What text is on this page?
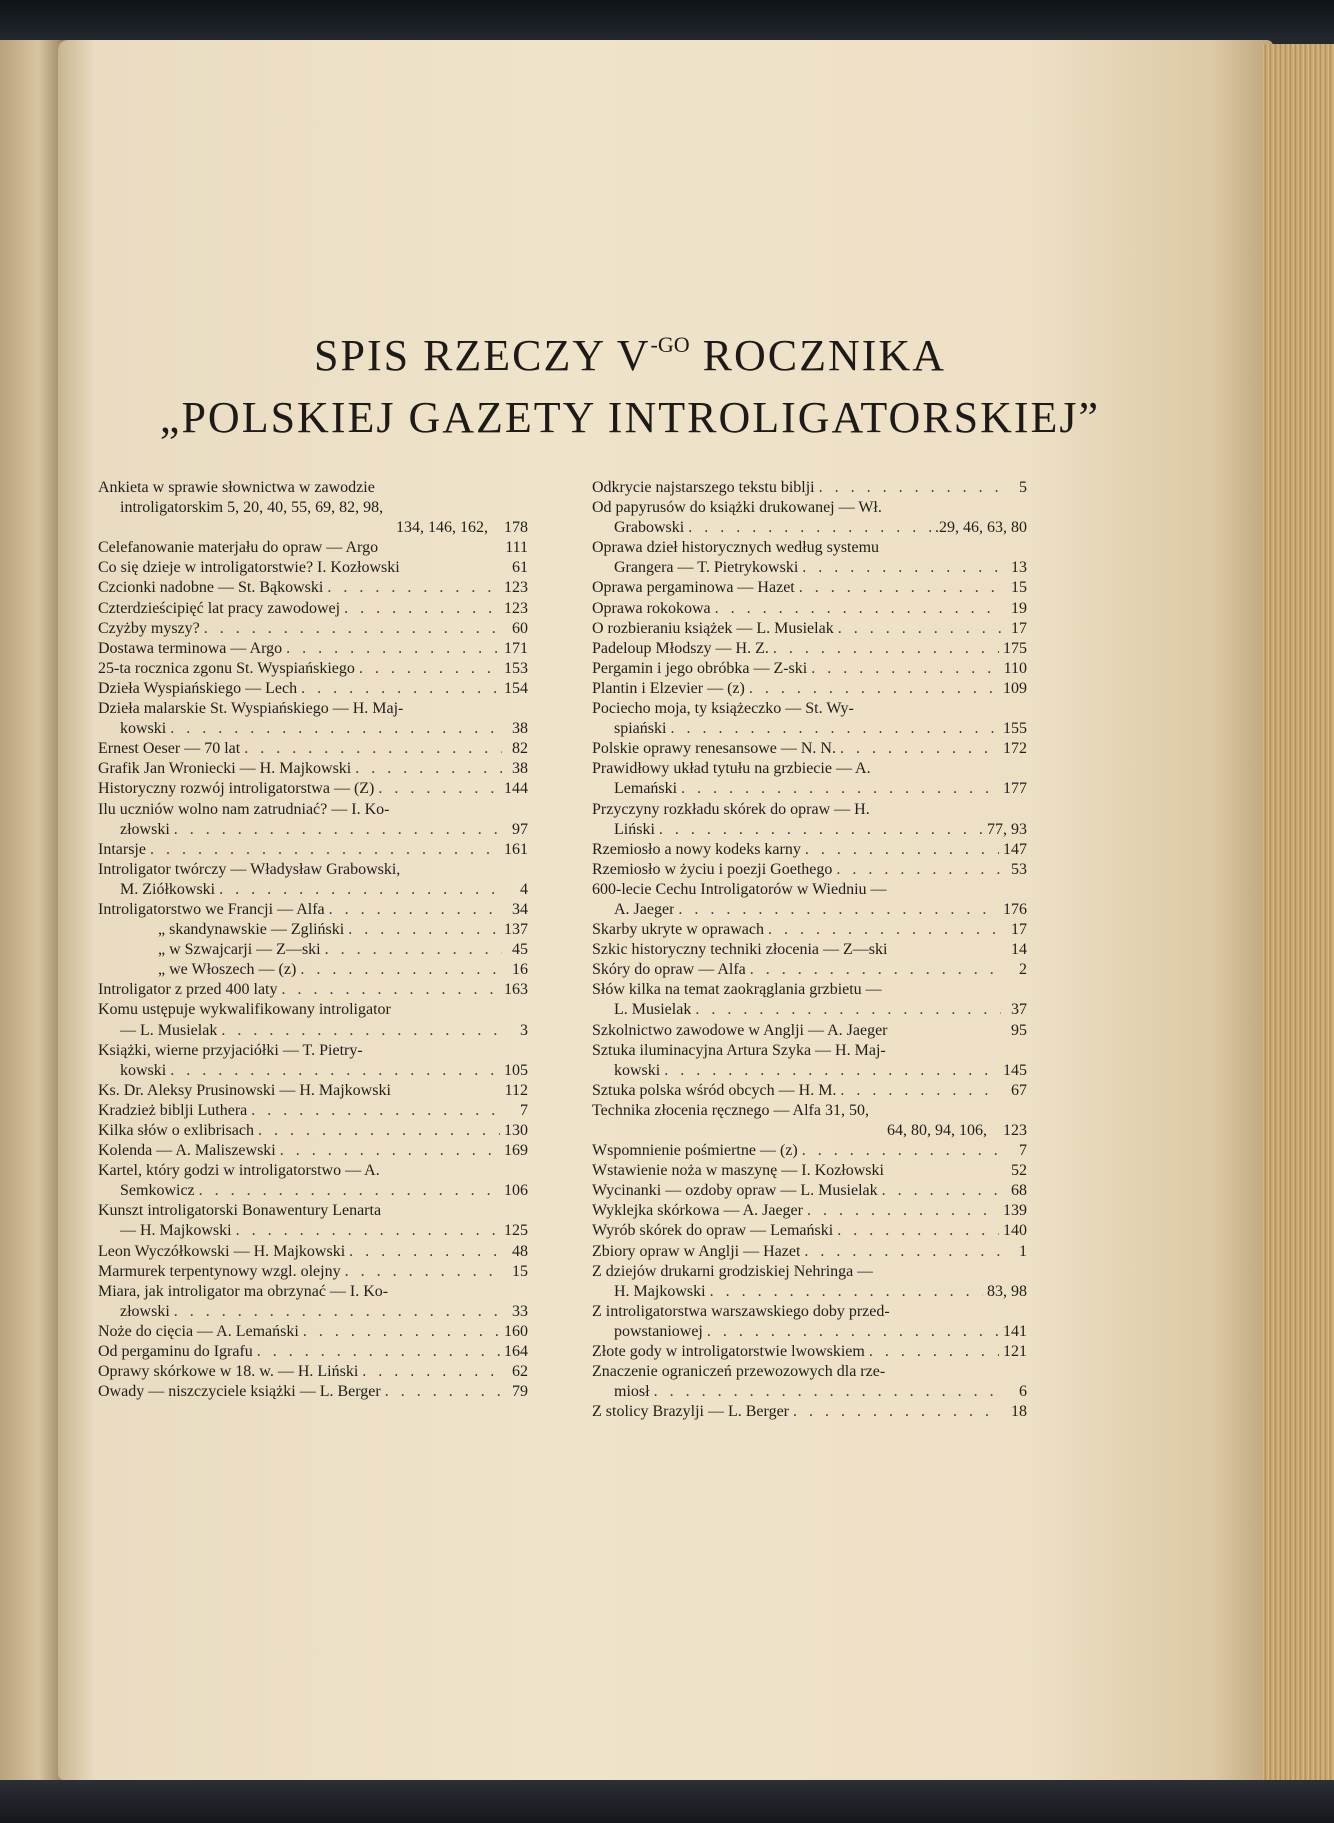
SPIS RZECZY $V^{-GO}$ ROCZNIKA
„POLSKIEJ GAZETY INTROLIGATORSKIEJ”
Ankieta w sprawie słownictwa w zawodzie
introligatorskim 5, 20, 40, 55, 69, 82, 98,
134, 146, 162, 178
Celefanowanie materjału do opraw — Argo	111
Co się dzieje w introligatorstwie? I. Kozłowski	61
Czcionki nadobne — St. Bąkowski . . .	123
Czterdzieścipięć lat pracy zawodowej . . .	123
Czyżby myszy? . . .	60
Dostawa terminowa — Argo . . .	171
25-ta rocznica zgonu St. Wyspiańskiego . . .	153
Dzieła Wyspiańskiego — Lech . . .	154
Dzieła malarskie St. Wyspiańskiego — H. Maj-
kowski . . .	38
Ernest Oeser — 70 lat . . .	82
Grafik Jan Wroniecki — H. Majkowski . . .	38
Historyczny rozwój introligatorstwa — (Z) . . .	144
Ilu uczniów wolno nam zatrudniać? — I. Ko-
złowski . . .	97
Intarsje . . .	161
Introligator twórczy — Władysław Grabowski,
M. Ziółkowski . . .	4
Introligatorstwo we Francji — Alfa . . .	34
„ skandynawskie — Zgliński . . .	137
„ w Szwajcarji — Z—ski . . .	45
„ we Włoszech — (z) . . .	16
Introligator z przed 400 laty . . .	163
Komu ustępuje wykwalifikowany introligator
— L. Musielak . . .	3
Książki, wierne przyjaciółki — T. Pietry-
kowski . . .	105
Ks. Dr. Aleksy Prusinowski — H. Majkowski	112
Kradzież biblji Luthera . . .	7
Kilka słów o exlibrisach . . .	130
Kolenda — A. Maliszewski . . .	169
Kartel, który godzi w introligatorstwo — A.
Semkowicz . . .	106
Kunszt introligatorski Bonawentury Lenarta
— H. Majkowski . . .	125
Leon Wyczółkowski — H. Majkowski . . .	48
Marmurek terpentynowy wzgl. olejny . . .	15
Miara, jak introligator ma obrzynać — I. Ko-
złowski . . .	33
Noże do cięcia — A. Lemański . . .	160
Od pergaminu do Igrafu . . .	164
Oprawy skórkowe w 18. w. — H. Liński . . .	62
Owady — niszczyciele książki — L. Berger . . .	79
Odkrycie najstarszego tekstu biblji . . .	5
Od papyrusów do książki drukowanej — Wł.
Grabowski . . .	.29, 46, 63, 80
Oprawa dzieł historycznych według systemu
Grangera — T. Pietrykowski . . .	13
Oprawa pergaminowa — Hazet . . .	15
Oprawa rokokowa . . .	19
O rozbieraniu książek — L. Musielak . . .	17
Padeloup Młodszy — H. Z. . . .	175
Pergamin i jego obróbka — Z-ski . . .	110
Plantin i Elzevier — (z) . . .	109
Pociecho moja, ty książeczko — St. Wy-
spiański . . .	155
Polskie oprawy renesansowe — N. N. . . .	172
Prawidłowy układ tytułu na grzbiecie — A.
Lemański . . .	177
Przyczyny rozkładu skórek do opraw — H.
Liński . . .	77, 93
Rzemiosło a nowy kodeks karny . . .	147
Rzemiosło w życiu i poezji Goethego . . .	53
600-lecie Cechu Introligatorów w Wiedniu —
A. Jaeger . . .	176
Skarby ukryte w oprawach . . .	17
Szkic historyczny techniki złocenia — Z—ski	14
Skóry do opraw — Alfa . . .	2
Słów kilka na temat zaokrąglania grzbietu —
L. Musielak . . .	37
Szkolnictwo zawodowe w Anglji — A. Jaeger	95
Sztuka iluminacyjna Artura Szyka — H. Maj-
kowski . . .	145
Sztuka polska wśród obcych — H. M. . . .	67
Technika złocenia ręcznego — Alfa 31, 50,
64, 80, 94, 106, 123
Wspomnienie pośmiertne — (z) . . .	7
Wstawienie noża w maszynę — I. Kozłowski	52
Wycinanki — ozdoby opraw — L. Musielak . . .	68
Wyklejka skórkowa — A. Jaeger . . .	139
Wyrób skórek do opraw — Lemański . . .	140
Zbiory opraw w Anglji — Hazet . . .	1
Z dziejów drukarni grodziskiej Nehringa —
H. Majkowski . . .	83, 98
Z introligatorstwa warszawskiego doby przed-
powstaniowej . . .	141
Złote gody w introligatorstwie lwowskiem . . .	121
Znaczenie ograniczeń przewozowych dla rze-
miosł . . .	6
Z stolicy Brazylji — L. Berger . . .	18
